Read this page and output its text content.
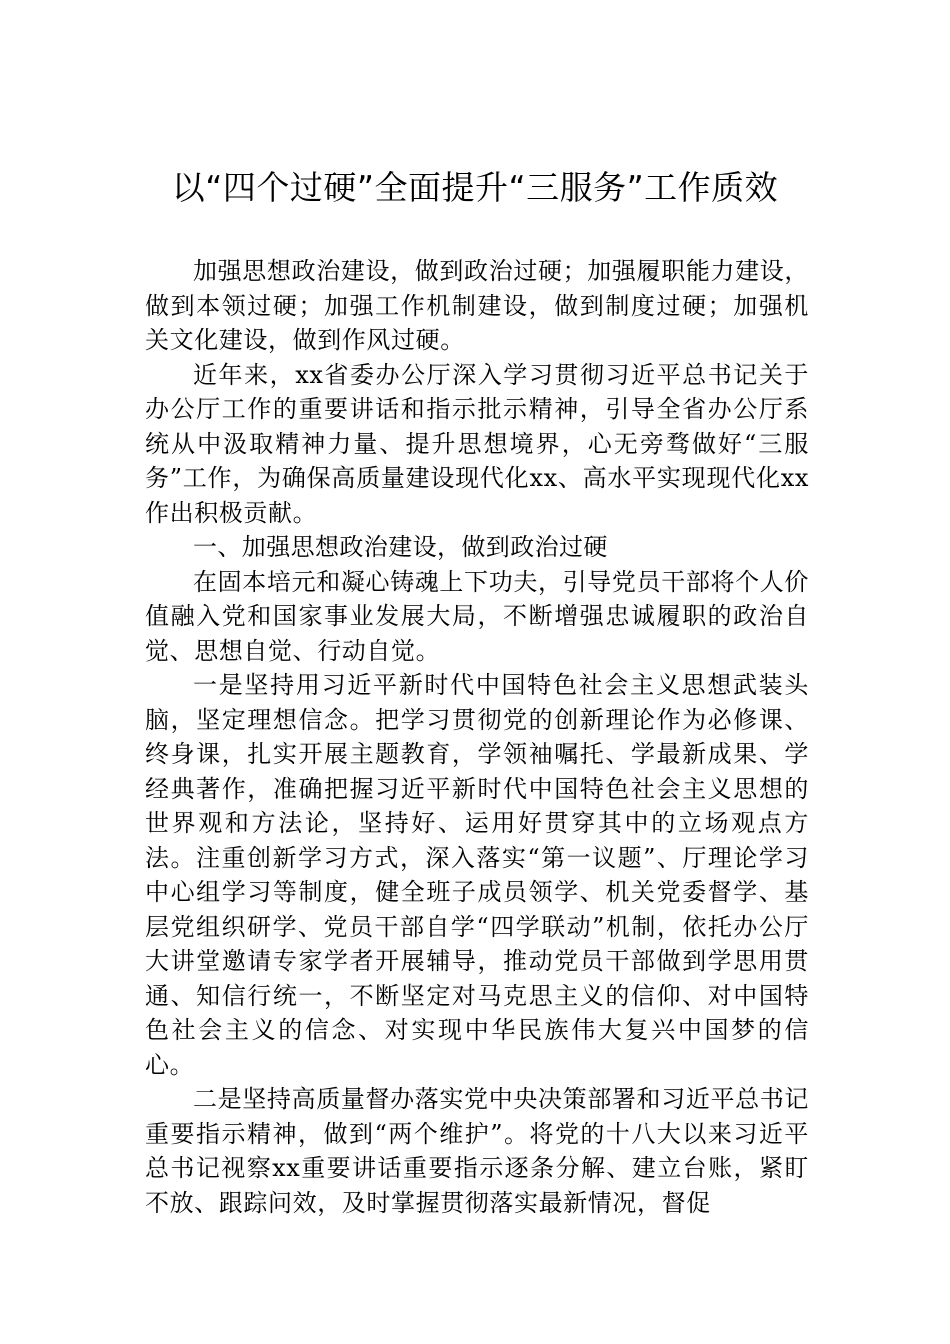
以“四个过硬”全面提升“三服务”工作质效

加强思想政治建设，做到政治过硬；加强履职能力建设，做到本领过硬；加强工作机制建设，做到制度过硬；加强机关文化建设，做到作风过硬。

近年来，xx省委办公厅深入学习贯彻习近平总书记关于办公厅工作的重要讲话和指示批示精神，引导全省办公厅系统从中汲取精神力量、提升思想境界，心无旁骛做好“三服务”工作，为确保高质量建设现代化xx、高水平实现现代化xx作出积极贡献。

一、加强思想政治建设，做到政治过硬

在固本培元和凝心铸魂上下功夫，引导党员干部将个人价值融入党和国家事业发展大局，不断增强忠诚履职的政治自觉、思想自觉、行动自觉。

一是坚持用习近平新时代中国特色社会主义思想武装头脑，坚定理想信念。把学习贯彻党的创新理论作为必修课、终身课，扎实开展主题教育，学领袖嘱托、学最新成果、学经典著作，准确把握习近平新时代中国特色社会主义思想的世界观和方法论，坚持好、运用好贯穿其中的立场观点方法。注重创新学习方式，深入落实“第一议题”、厅理论学习中心组学习等制度，健全班子成员领学、机关党委督学、基层党组织研学、党员干部自学“四学联动”机制，依托办公厅大讲堂邀请专家学者开展辅导，推动党员干部做到学思用贯通、知信行统一，不断坚定对马克思主义的信仰、对中国特色社会主义的信念、对实现中华民族伟大复兴中国梦的信心。

二是坚持高质量督办落实党中央决策部署和习近平总书记重要指示精神，做到“两个维护”。将党的十八大以来习近平总书记视察xx重要讲话重要指示逐条分解、建立台账，紧盯不放、跟踪问效，及时掌握贯彻落实最新情况，督促
